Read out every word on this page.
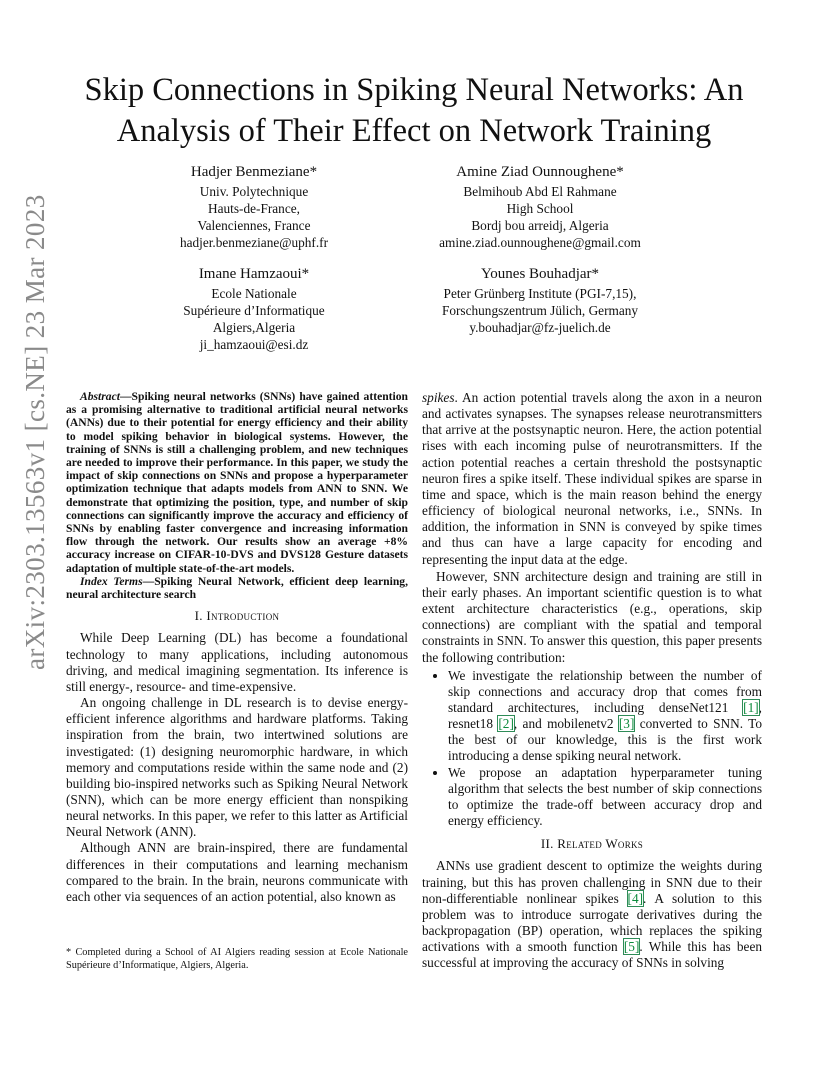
arXiv:2303.13563v1 [cs.NE] 23 Mar 2023
Skip Connections in Spiking Neural Networks: An Analysis of Their Effect on Network Training
Hadjer Benmeziane*
Univ. Polytechnique
Hauts-de-France,
Valenciennes, France
hadjer.benmeziane@uphf.fr
Amine Ziad Ounnoughene*
Belmihoub Abd El Rahmane
High School
Bordj bou arreidj, Algeria
amine.ziad.ounnoughene@gmail.com
Imane Hamzaoui*
Ecole Nationale
Supérieure d’Informatique
Algiers,Algeria
ji_hamzaoui@esi.dz
Younes Bouhadjar*
Peter Grünberg Institute (PGI-7,15),
Forschungszentrum Jülich, Germany
y.bouhadjar@fz-juelich.de

Abstract—Spiking neural networks (SNNs) have gained attention as a promising alternative to traditional artificial neural networks (ANNs) due to their potential for energy efficiency and their ability to model spiking behavior in biological systems. However, the training of SNNs is still a challenging problem, and new techniques are needed to improve their performance. In this paper, we study the impact of skip connections on SNNs and propose a hyperparameter optimization technique that adapts models from ANN to SNN. We demonstrate that optimizing the position, type, and number of skip connections can significantly improve the accuracy and efficiency of SNNs by enabling faster convergence and increasing information flow through the network. Our results show an average +8% accuracy increase on CIFAR-10-DVS and DVS128 Gesture datasets adaptation of multiple state-of-the-art models.

Index Terms—Spiking Neural Network, efficient deep learning, neural architecture search

I. Introduction

While Deep Learning (DL) has become a foundational technology to many applications, including autonomous driving, and medical imagining segmentation. Its inference is still energy-, resource- and time-expensive.

An ongoing challenge in DL research is to devise energy-efficient inference algorithms and hardware platforms. Taking inspiration from the brain, two intertwined solutions are investigated: (1) designing neuromorphic hardware, in which memory and computations reside within the same node and (2) building bio-inspired networks such as Spiking Neural Network (SNN), which can be more energy efficient than nonspiking neural networks. In this paper, we refer to this latter as Artificial Neural Network (ANN).

Although ANN are brain-inspired, there are fundamental differences in their computations and learning mechanism compared to the brain. In the brain, neurons communicate with each other via sequences of an action potential, also known as

* Completed during a School of AI Algiers reading session at Ecole Nationale Supérieure d’Informatique, Algiers, Algeria.

spikes. An action potential travels along the axon in a neuron and activates synapses. The synapses release neurotransmitters that arrive at the postsynaptic neuron. Here, the action potential rises with each incoming pulse of neurotransmitters. If the action potential reaches a certain threshold the postsynaptic neuron fires a spike itself. These individual spikes are sparse in time and space, which is the main reason behind the energy efficiency of biological neuronal networks, i.e., SNNs. In addition, the information in SNN is conveyed by spike times and thus can have a large capacity for encoding and representing the input data at the edge.

However, SNN architecture design and training are still in their early phases. An important scientific question is to what extent architecture characteristics (e.g., operations, skip connections) are compliant with the spatial and temporal constraints in SNN. To answer this question, this paper presents the following contribution:

• We investigate the relationship between the number of skip connections and accuracy drop that comes from standard architectures, including denseNet121 [1], resnet18 [2], and mobilenetv2 [3] converted to SNN. To the best of our knowledge, this is the first work introducing a dense spiking neural network.
• We propose an adaptation hyperparameter tuning algorithm that selects the best number of skip connections to optimize the trade-off between accuracy drop and energy efficiency.
II. Related Works

ANNs use gradient descent to optimize the weights during training, but this has proven challenging in SNN due to their non-differentiable nonlinear spikes [4]. A solution to this problem was to introduce surrogate derivatives during the backpropagation (BP) operation, which replaces the spiking activations with a smooth function [5]. While this has been successful at improving the accuracy of SNNs in solving
